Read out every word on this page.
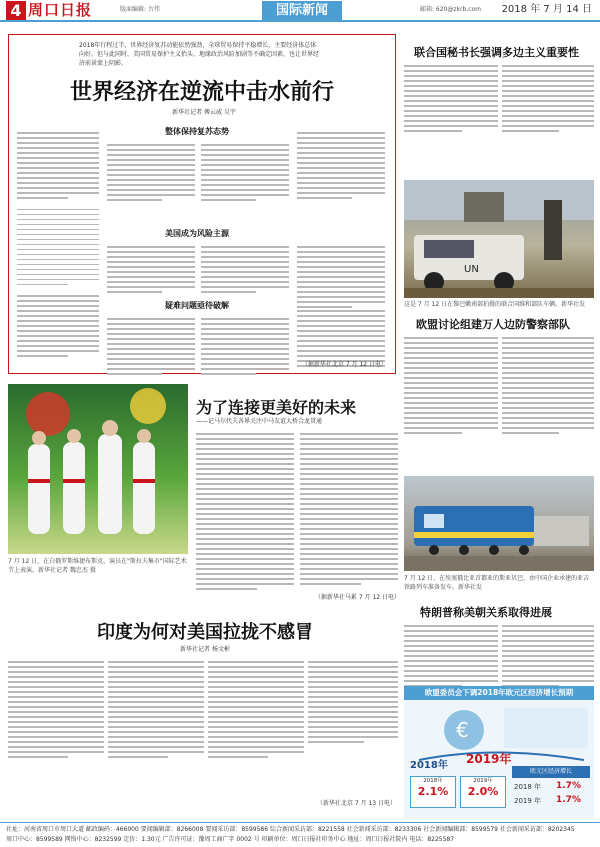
4 周口日报	版面编辑: 古伟	国际新闻	邮箱: 620@zkrb.com 2018 年 7 月 14 日
2018年行程过半，世界经济复苏动能依然强劲，全球贸易保持平稳增长，主要经济体总体向好。但与此同时，美国贸易保护主义抬头、地缘政治风险加剧等不确定因素，也让世界经济前景蒙上阴影。
世界经济在逆流中击水前行
新华社记者 傅云威 吴宇
整体保持复苏态势
美国成为风险主源
疑难问题亟待破解
（据新华社北京 7 月 12 日电）
联合国秘书长强调多边主义重要性
UN
这是 7 月 12 日在黎巴嫩南部拍摄的联合国维和部队车辆。新华社发
欧盟讨论组建万人边防警察部队
为了连接更美好的未来
——记马尔代夫各界关注中马友谊大桥合龙贯通
（据新华社马累 7 月 12 日电）
7 月 12 日，在白俄罗斯维捷布斯克，演员在"斯拉夫集市"国际艺术节上表演。新华社记者 魏忠杰 摄
7 月 12 日，在埃塞俄比亚首都亚的斯亚贝巴，由中国企业承建的亚吉铁路列车准备发车。新华社发
特朗普称美朝关系取得进展
印度为何对美国拉拢不感冒
新华社记者 杨文彬
（新华社北京 7 月 13 日电）
欧盟委员会下调2018年欧元区经济增长预期
€
2018年 2019年
2018年
2.1%
2019年
2.0%
欧元区经济增长
2018 年 1.7%
2019 年 1.7%
社址：河南省周口市周口大道 邮政编码：466000 要闻编辑部：8266008 要闻采访部：8599586 综合新闻采访部：8221558 社会新闻采访部：8233306 社会新闻编辑部：8599579 社会新闻采访部：8202345
周口中心：8599589 网络中心：8232599 定价：1.30元 广告许可证：豫周工商广字 0002 号 印刷单位：周口日报社印务中心 地址：周口日报社院内 电话：8225587
